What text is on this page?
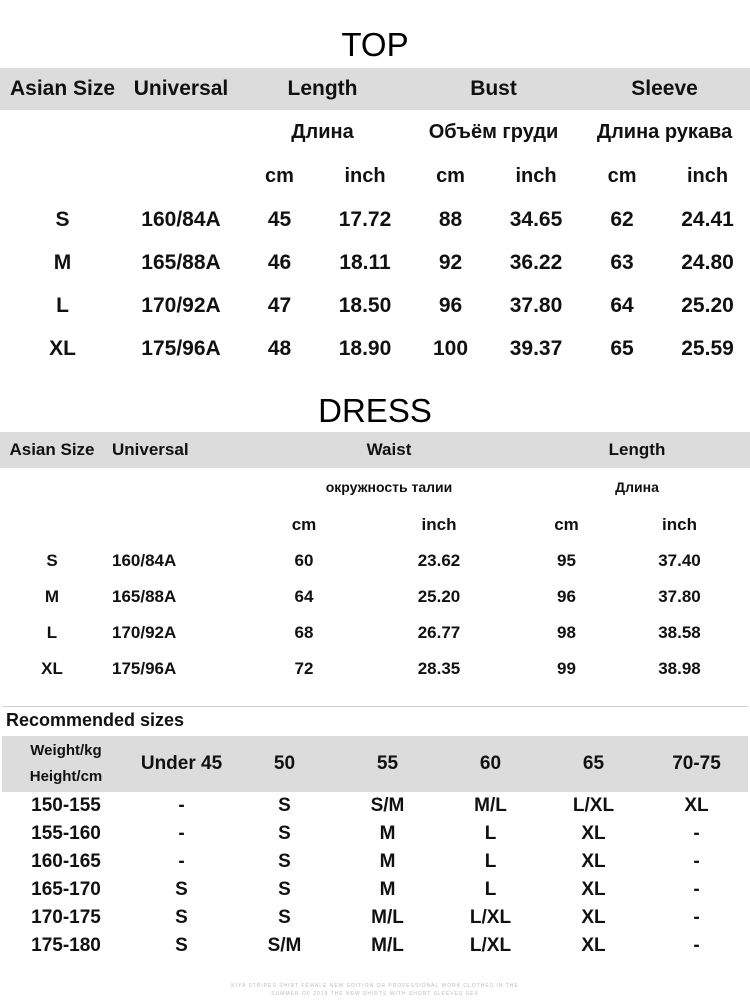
TOP
Asian Size	Universal	Length		Bust		Sleeve	
		Длина		Объём груди		Длина рукава	
		cm	inch	cm	inch	cm	inch
S	160/84A	45	17.72	88	34.65	62	24.41
M	165/88A	46	18.11	92	36.22	63	24.80
L	170/92A	47	18.50	96	37.80	64	25.20
XL	175/96A	48	18.90	100	39.37	65	25.59
DRESS
Asian Size	Universal	Waist		Length	
		окружность талии		Длина	
		cm	inch	cm	inch
S	160/84A	60	23.62	95	37.40
M	165/88A	64	25.20	96	37.80
L	170/92A	68	26.77	98	38.58
XL	175/96A	72	28.35	99	38.98
Recommended sizes
Weight/kg
Height/cm	Under 45	50	55	60	65	70-75
150-155	-	S	S/M	M/L	L/XL	XL
155-160	-	S	M	L	XL	-
160-165	-	S	M	L	XL	-
165-170	S	S	M	L	XL	-
170-175	S	S	M/L	L/XL	XL	-
175-180	S	S/M	M/L	L/XL	XL	-
KIYA STRIPES SHIRT FEMALE NEW EDITION OR PROFESSIONAL WORK CLOTHES IN THE
SUMMER OF 2019 THE NEW SHIRTS WITH SHORT SLEEVES SEX
